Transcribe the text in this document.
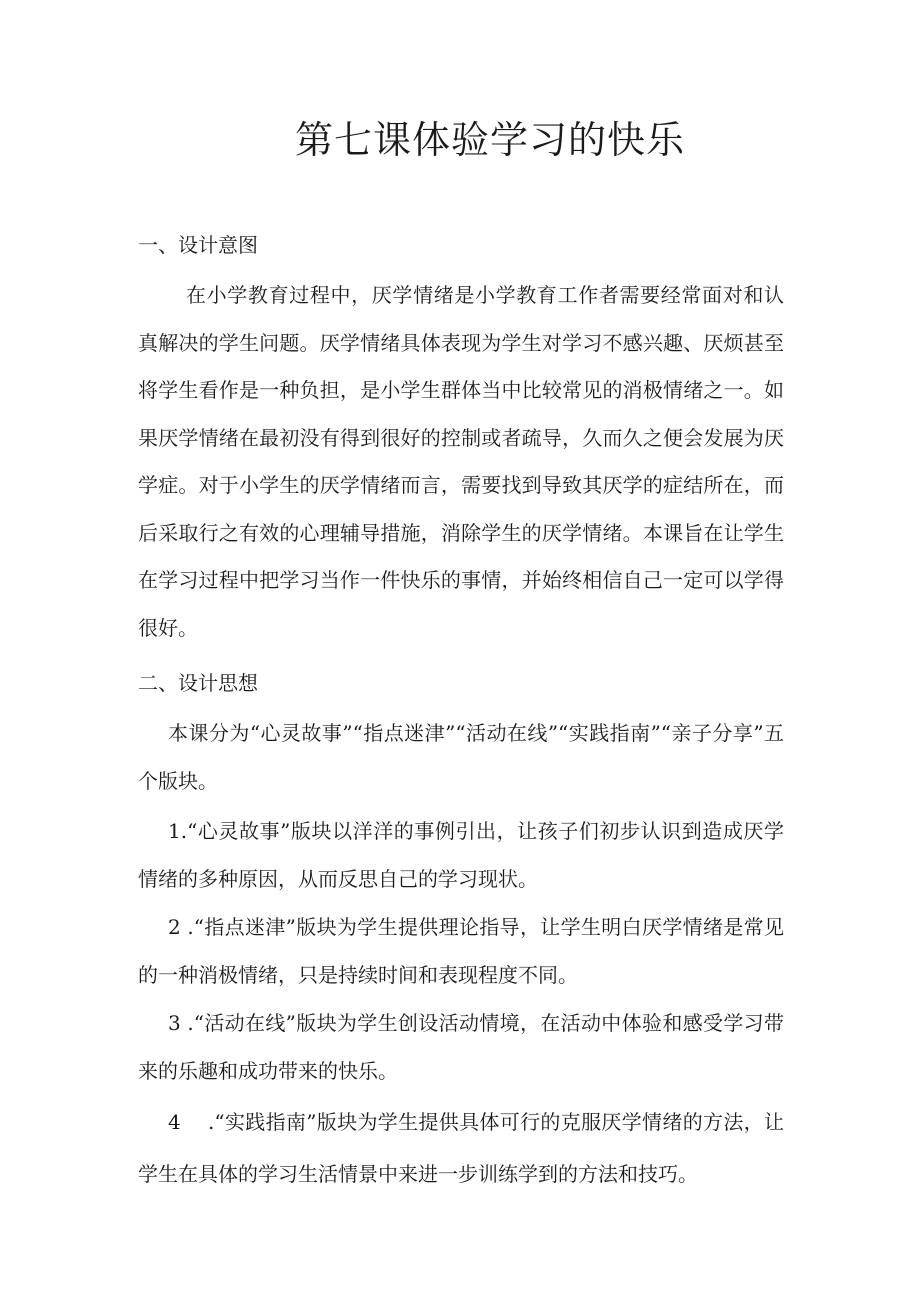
第七课体验学习的快乐
一、设计意图

在小学教育过程中，厌学情绪是小学教育工作者需要经常面对和认真解决的学生问题。厌学情绪具体表现为学生对学习不感兴趣、厌烦甚至将学生看作是一种负担，是小学生群体当中比较常见的消极情绪之一。如果厌学情绪在最初没有得到很好的控制或者疏导，久而久之便会发展为厌学症。对于小学生的厌学情绪而言，需要找到导致其厌学的症结所在，而后采取行之有效的心理辅导措施，消除学生的厌学情绪。本课旨在让学生在学习过程中把学习当作一件快乐的事情，并始终相信自己一定可以学得很好。

二、设计思想

本课分为“心灵故事”“指点迷津”“活动在线”“实践指南”“亲子分享”五个版块。

1.“心灵故事”版块以洋洋的事例引出，让孩子们初步认识到造成厌学情绪的多种原因，从而反思自己的学习现状。

2 .“指点迷津”版块为学生提供理论指导，让学生明白厌学情绪是常见的一种消极情绪，只是持续时间和表现程度不同。

3 .“活动在线”版块为学生创设活动情境，在活动中体验和感受学习带来的乐趣和成功带来的快乐。

4　 .“实践指南”版块为学生提供具体可行的克服厌学情绪的方法，让学生在具体的学习生活情景中来进一步训练学到的方法和技巧。
